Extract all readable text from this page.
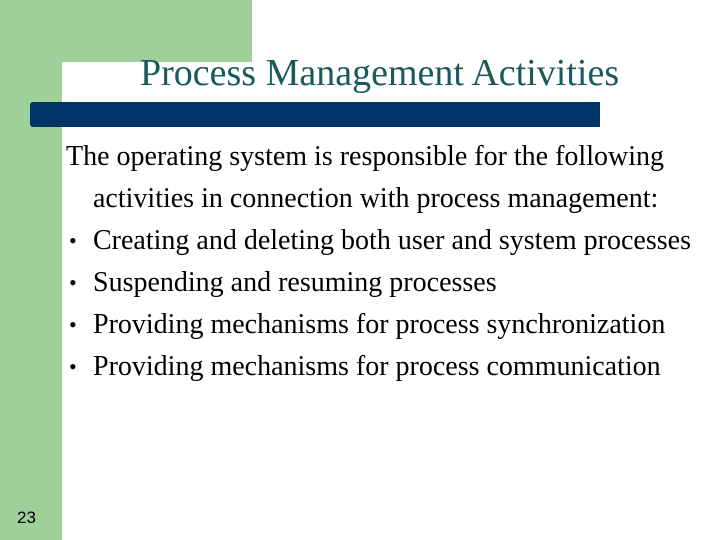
Process Management Activities

The operating system is responsible for the following activities in connection with process management:

• Creating and deleting both user and system processes
• Suspending and resuming processes
• Providing mechanisms for process synchronization
• Providing mechanisms for process communication
23
